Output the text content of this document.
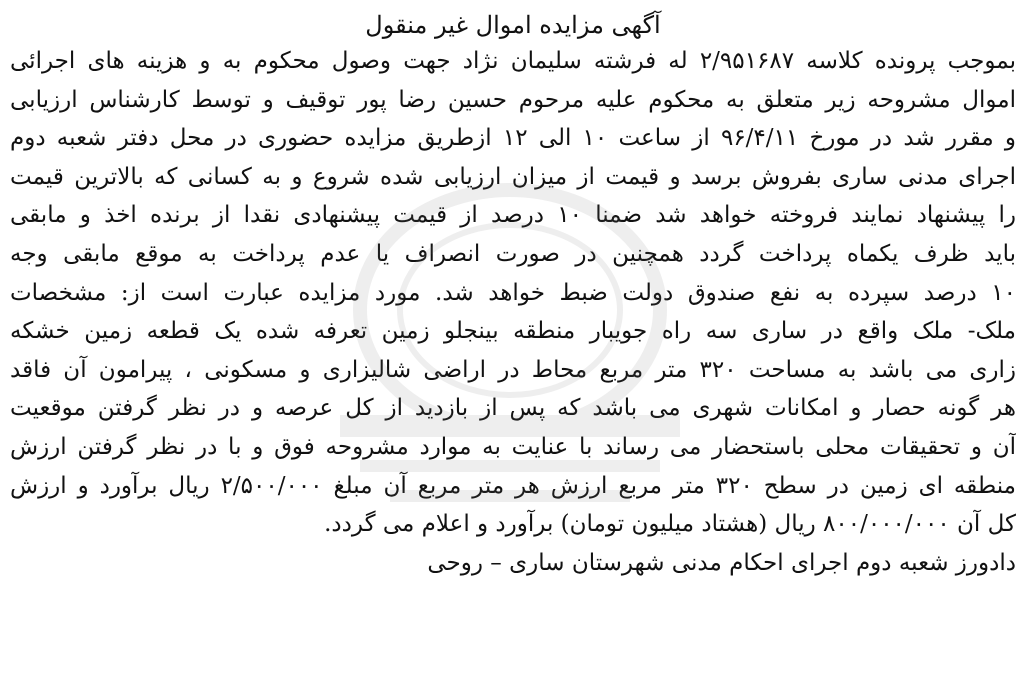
آگهی مزایده اموال غیر منقول
بموجب پرونده کلاسه ۲/۹۵۱۶۸۷ له فرشته سلیمان نژاد جهت وصول محکوم به و هزینه های اجرائی
اموال مشروحه زیر متعلق به محکوم علیه مرحوم حسین رضا پور توقیف و توسط کارشناس ارزیابی
و مقرر شد در مورخ ۹۶/۴/۱۱ از ساعت ۱۰ الی ۱۲ ازطریق مزایده حضوری در محل دفتر شعبه دوم
اجرای مدنی ساری بفروش برسد و قیمت از میزان ارزیابی شده شروع و به کسانی که بالاترین قیمت
را پیشنهاد نمایند فروخته خواهد شد ضمنا ۱۰ درصد از قیمت پیشنهادی نقدا از برنده اخذ و مابقی
باید ظرف یکماه پرداخت گردد همچنین در صورت انصراف یا عدم پرداخت به موقع مابقی وجه
۱۰ درصد سپرده به نفع صندوق دولت ضبط خواهد شد. مورد مزایده عبارت است از: مشخصات
ملک- ملک واقع در ساری سه راه جویبار منطقه بینجلو زمین تعرفه شده یک قطعه زمین خشکه
زاری می باشد به مساحت ۳۲۰ متر مربع محاط در اراضی شالیزاری و مسکونی ، پیرامون آن فاقد
هر گونه حصار و امکانات شهری می باشد که پس از بازدید از کل عرصه و در نظر گرفتن موقعیت
آن و تحقیقات محلی باستحضار می رساند با عنایت به موارد مشروحه فوق و با در نظر گرفتن ارزش
منطقه ای زمین در سطح ۳۲۰ متر مربع ارزش هر متر مربع آن مبلغ ۲/۵۰۰/۰۰۰ ریال برآورد و ارزش
کل آن ۸۰۰/۰۰۰/۰۰۰ ریال (هشتاد میلیون تومان) برآورد و اعلام می گردد.
دادورز شعبه دوم اجرای احکام مدنی شهرستان ساری – روحی
